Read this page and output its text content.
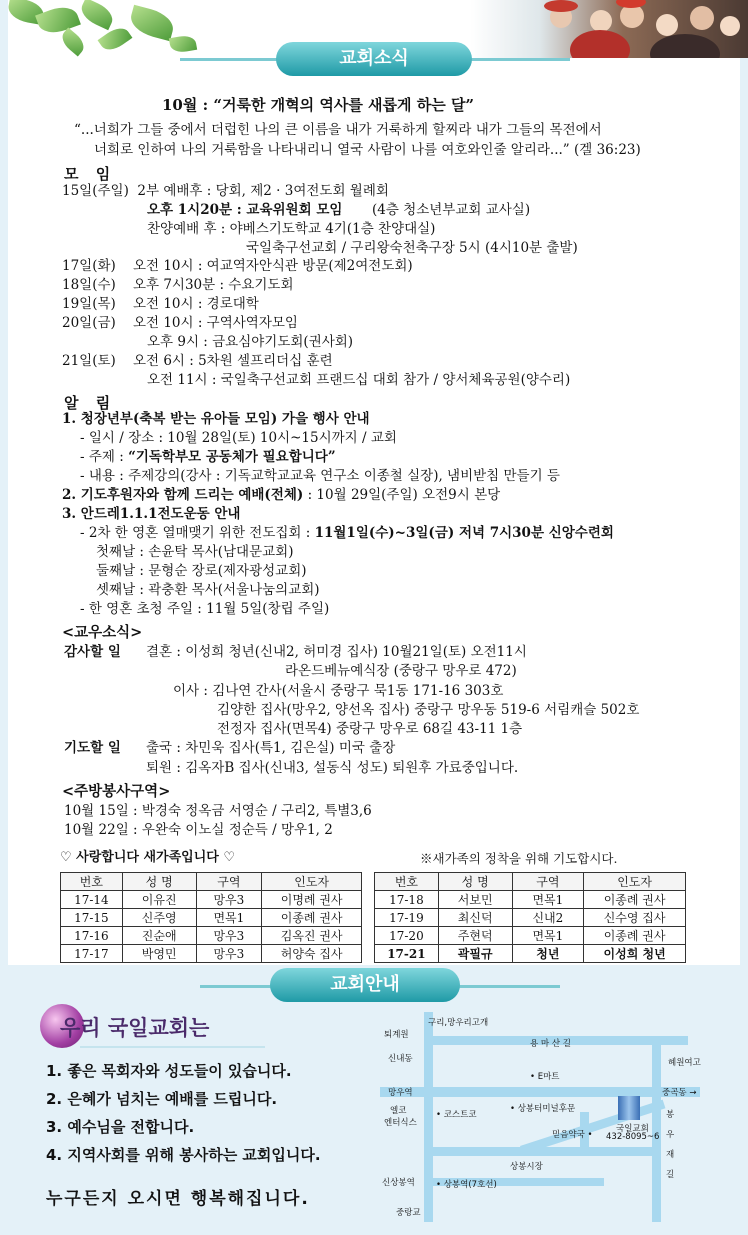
교회소식
10월 : “거룩한 개혁의 역사를 새롭게 하는 달”
“...너희가 그들 중에서 더럽힌 나의 큰 이름을 내가 거룩하게 할찌라 내가 그들의 목전에서
너희로 인하여 나의 거룩함을 나타내리니 열국 사람이 나를 여호와인줄 알리라...” (겔 36:23)
모 임
15일(주일)  2부 예배후 : 당회, 제2 · 3여전도회 월례회
오후 1시20분 : 교육위원회 모임 (4층 청소년부교회 교사실)
찬양예배 후 : 야베스기도학교 4기(1층 찬양대실)
국일축구선교회 / 구리왕숙천축구장 5시 (4시10분 출발)
17일(화)    오전 10시 : 여교역자안식관 방문(제2여전도회)
18일(수)    오후 7시30분 : 수요기도회
19일(목)    오전 10시 : 경로대학
20일(금)    오전 10시 : 구역사역자모임
오후 9시 : 금요심야기도회(권사회)
21일(토)    오전 6시 : 5차원 셀프리더십 훈련
오전 11시 : 국일축구선교회 프랜드십 대회 참가 / 양서체육공원(양수리)
알 림
1. 청장년부(축복 받는 유아들 모임) 가을 행사 안내
- 일시 / 장소 : 10월 28일(토) 10시~15시까지 / 교회
- 주제 : “기독학부모 공동체가 필요합니다”
- 내용 : 주제강의(강사 : 기독교학교교육 연구소 이종철 실장), 냄비받침 만들기 등
2. 기도후원자와 함께 드리는 예배(전체) : 10월 29일(주일) 오전9시 본당
3. 안드레1.1.1전도운동 안내
- 2차 한 영혼 열매맺기 위한 전도집회 : 11월1일(수)~3일(금) 저녁 7시30분 신앙수련회
첫째날 : 손윤탁 목사(남대문교회)
둘째날 : 문형순 장로(제자광성교회)
셋째날 : 곽충환 목사(서울나눔의교회)
- 한 영혼 초청 주일 : 11월 5일(창립 주일)
<교우소식>
감사할 일 결혼 : 이성희 청년(신내2, 허미경 집사) 10월21일(토) 오전11시
라온드베뉴예식장 (중랑구 망우로 472)
이사 : 김나연 간사(서울시 중랑구 묵1동 171-16 303호
김양한 집사(망우2, 양선옥 집사) 중랑구 망우동 519-6 서림캐슬 502호
전정자 집사(면목4) 중랑구 망우로 68길 43-11 1층
기도할 일 출국 : 차민욱 집사(특1, 김은실) 미국 출장
퇴원 : 김옥자B 집사(신내3, 설동식 성도) 퇴원후 가료중입니다.
<주방봉사구역>
10월 15일 : 박경숙 정옥금 서영순 / 구리2, 특별3,6
10월 22일 : 우완숙 이노실 정순득 / 망우1, 2
♡ 사랑합니다 새가족입니다 ♡	※새가족의 정착을 위해 기도합시다.
번호	성 명	구역	인도자
17-14	이유진	망우3	이명례 권사
17-15	신주영	면목1	이종례 권사
17-16	진순애	망우3	김옥진 권사
17-17	박영민	망우3	허양숙 집사
번호	성 명	구역	인도자
17-18	서보민	면목1	이종례 권사
17-19	최신덕	신내2	신수영 집사
17-20	주현덕	면목1	이종례 권사
17-21	곽필규	청년	이성희 청년
교회안내
우리 국일교회는
1. 좋은 목회자와 성도들이 있습니다.
2. 은혜가 넘치는 예배를 드립니다.
3. 예수님을 전합니다.
4. 지역사회를 위해 봉사하는 교회입니다.
누구든지 오시면 행복해집니다.
구리,망우리고개
퇴계원
용 마 산 길
신내동	혜원여고
• E마트
망우역	중곡동 →
엘코
엔터식스
• 코스트코
• 상봉터미널후문
국일교회
432-8095~6
믿음약국 •
봉
우
재
길
상봉시장
신상봉역 • 상봉역(7호선)
중랑교
